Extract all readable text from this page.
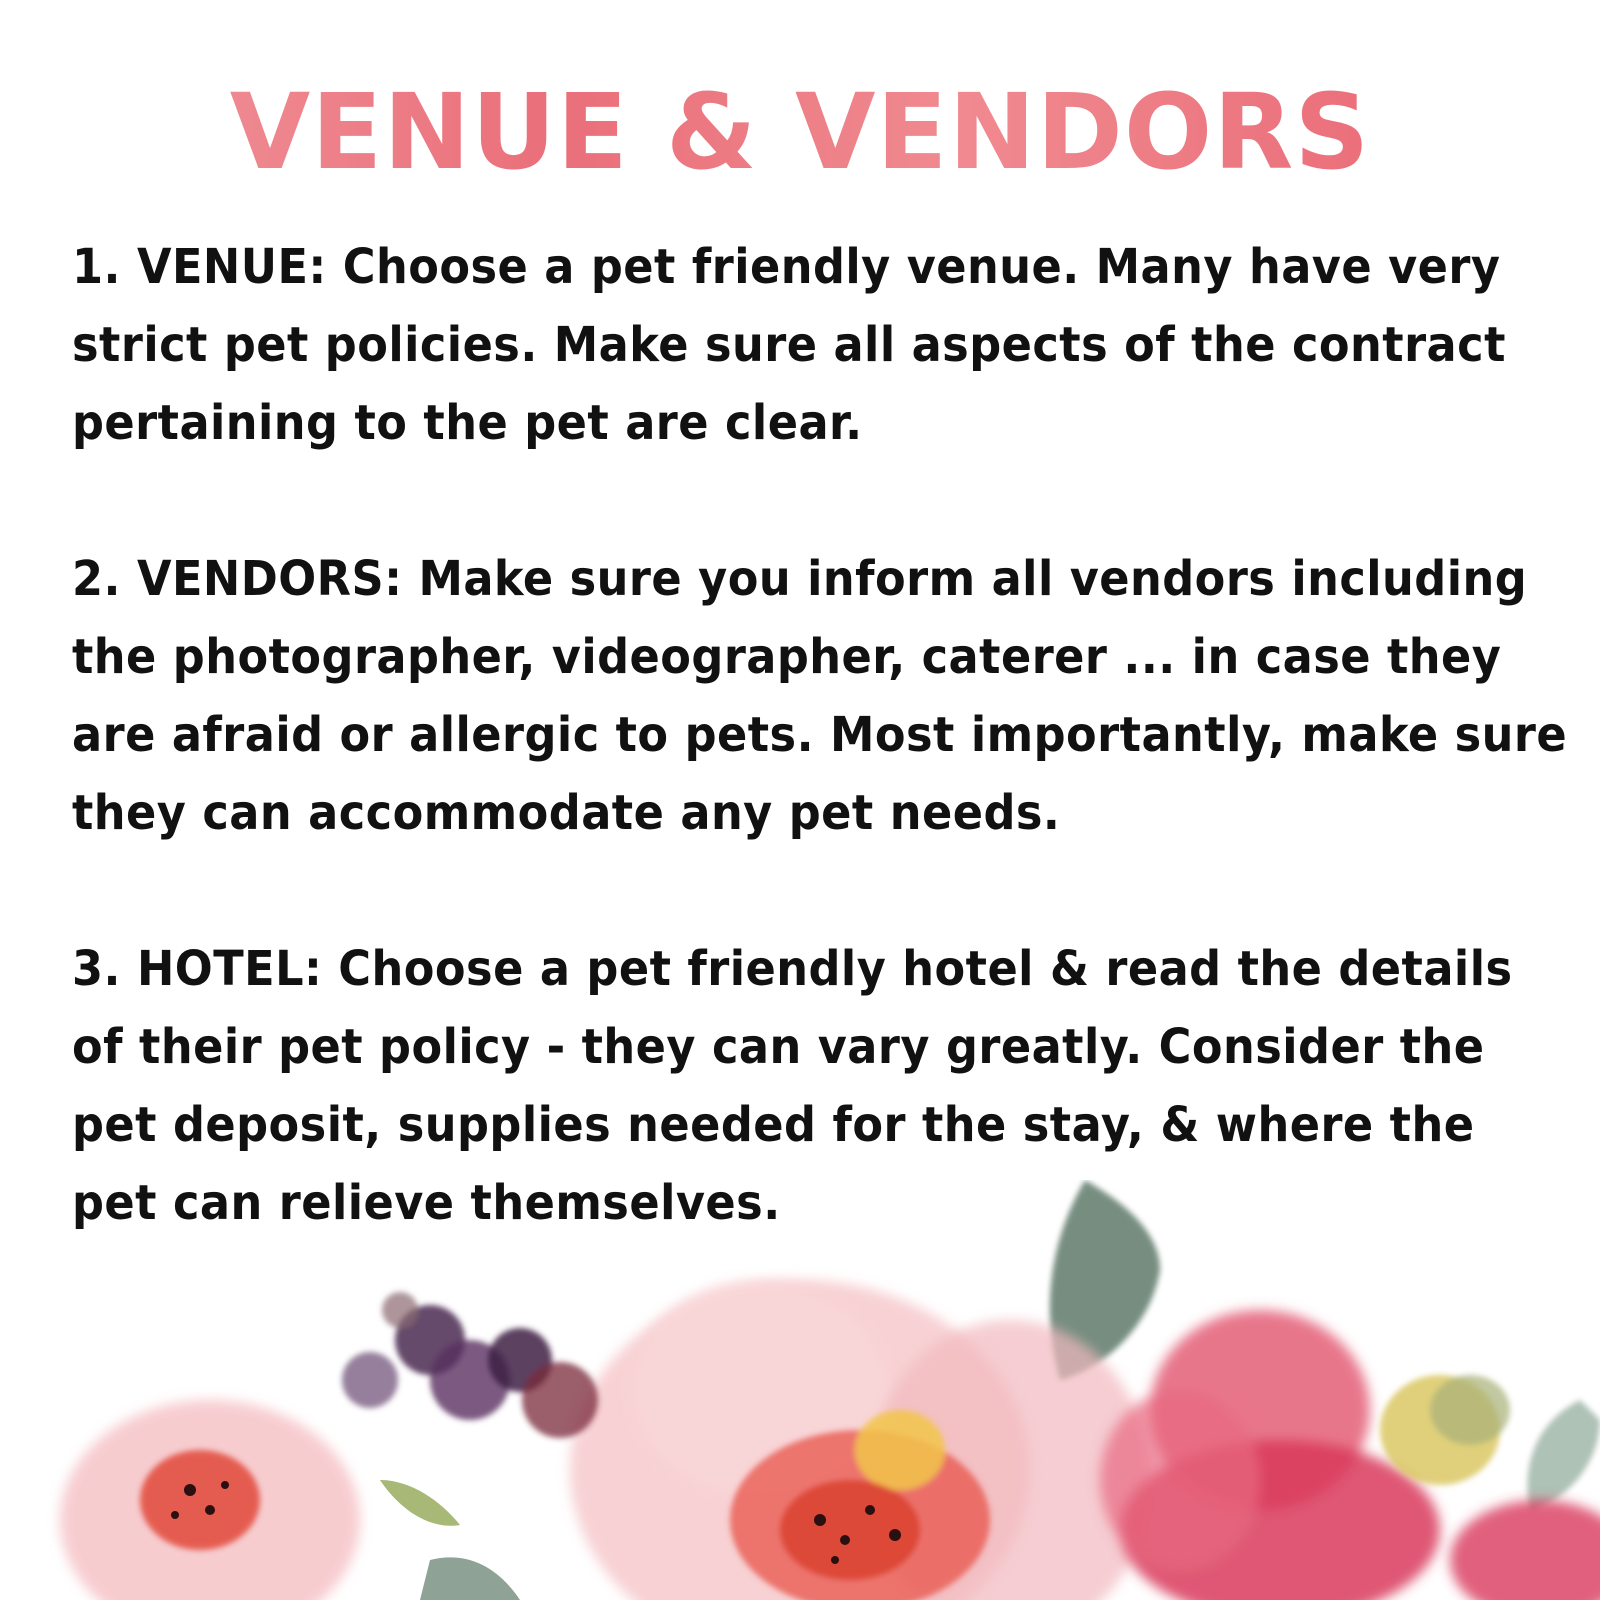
VENUE & VENDORS

1. VENUE: Choose a pet friendly venue. Many have very strict pet policies. Make sure all aspects of the contract pertaining to the pet are clear.

2. VENDORS: Make sure you inform all vendors including the photographer, videographer, caterer ... in case they are afraid or allergic to pets. Most importantly, make sure they can accommodate any pet needs.

3. HOTEL: Choose a pet friendly hotel & read the details of their pet policy - they can vary greatly. Consider the pet deposit, supplies needed for the stay, & where the pet can relieve themselves.
